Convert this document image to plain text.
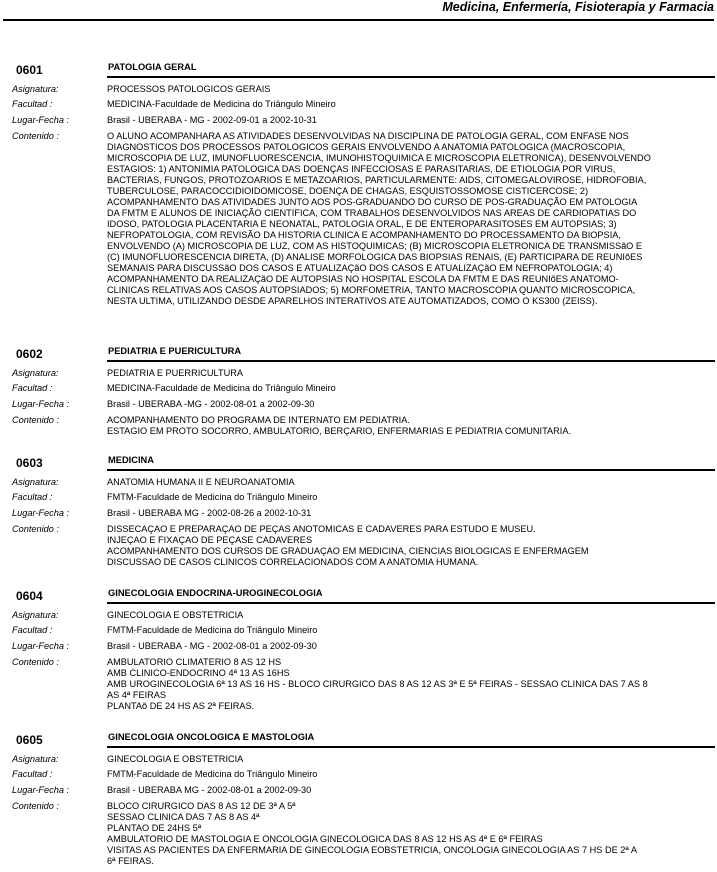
Medicina, Enfermería, Fisioterapia y Farmacia
0601	PATOLOGIA GERAL
Asignatura:	PROCESSOS PATOLOGICOS GERAIS
Facultad :	MEDICINA-Faculdade de Medicina do Triângulo Mineiro
Lugar-Fecha :	Brasil - UBERABA - MG - 2002-09-01 a 2002-10-31
Contenido :	O ALUNO ACOMPANHARA AS ATIVIDADES DESENVOLVIDAS NA DISCIPLINA DE PATOLOGIA GERAL, COM ENFASE NOS
DIAGNOSTICOS DOS PROCESSOS PATOLOGICOS GERAIS ENVOLVENDO A ANATOMIA PATOLOGICA (MACROSCOPIA,
MICROSCOPIA DE LUZ, IMUNOFLUORESCENCIA, IMUNOHISTOQUIMICA E MICROSCOPIA ELETRONICA), DESENVOLVENDO
ESTAGIOS: 1) ANTONIMIA PATOLOGICA DAS DOENÇAS INFECCIOSAS E PARASITARIAS, DE ETIOLOGIA POR VIRUS,
BACTERIAS, FUNGOS, PROTOZOARIOS E METAZOARIOS, PARTICULARMENTE: AIDS, CITOMEGALOVIROSE, HIDROFOBIA,
TUBERCULOSE, PARACOCCIDIOIDOMICOSE, DOENÇA DE CHAGAS, ESQUISTOSSOMOSE CISTICERCOSE; 2)
ACOMPANHAMENTO DAS ATIVIDADES JUNTO AOS POS-GRADUANDO DO CURSO DE POS-GRADUAÇÃO EM PATOLOGIA
DA FMTM E ALUNOS DE INICIAÇÃO CIENTIFICA, COM TRABALHOS DESENVOLVIDOS NAS AREAS DE CARDIOPATIAS DO
IDOSO, PATOLOGIA PLACENTARIA E NEONATAL, PATOLOGIA ORAL, E DE ENTEROPARASITOSES EM AUTOPSIAS; 3)
NEFROPATOLOGIA, COM REVISÃO DA HISTORIA CLINICA E ACOMPANHAMENTO DO PROCESSAMENTO DA BIOPSIA,
ENVOLVENDO (A) MICROSCOPIA DE LUZ, COM AS HISTOQUIMICAS; (B) MICROSCOPIA ELETRONICA DE TRANSMISSãO E
(C) IMUNOFLUORESCENCIA DIRETA, (D) ANALISE MORFOLOGICA DAS BIOPSIAS RENAIS, (E) PARTICIPARA DE REUNIõES
SEMANAIS PARA DISCUSSãO DOS CASOS E ATUALIZAÇãO DOS CASOS E ATUALIZAÇãO EM NEFROPATOLOGIA; 4)
ACOMPANHAMENTO DA REALIZAÇãO DE AUTOPSIAS NO HOSPITAL ESCOLA DA FMTM E DAS REUNIõES ANATOMO-
CLINICAS RELATIVAS AOS CASOS AUTOPSIADOS; 5) MORFOMETRIA, TANTO MACROSCOPIA QUANTO MICROSCOPICA,
NESTA ULTIMA, UTILIZANDO DESDE APARELHOS INTERATIVOS ATE AUTOMATIZADOS, COMO O KS300 (ZEISS).
0602	PEDIATRIA E PUERICULTURA
Asignatura:	PEDIATRIA E PUERRICULTURA
Facultad :	MEDICINA-Faculdade de Medicina do Triângulo Mineiro
Lugar-Fecha :	Brasil - UBERABA -MG - 2002-08-01 a 2002-09-30
Contenido :	ACOMPANHAMENTO DO PROGRAMA DE INTERNATO EM PEDIATRIA.
ESTAGIO EM PROTO SOCORRO, AMBULATORIO, BERÇARIO, ENFERMARIAS E PEDIATRIA COMUNITARIA.
0603	MEDICINA
Asignatura:	ANATOMIA HUMANA II E NEUROANATOMIA
Facultad :	FMTM-Faculdade de Medicina do Triângulo Mineiro
Lugar-Fecha :	Brasil - UBERABA MG - 2002-08-26 a 2002-10-31
Contenido :	DISSECAÇAO E PREPARAÇAO DE PEÇAS ANOTOMICAS E CADAVERES PARA ESTUDO E MUSEU.
INJEÇAO E FIXAÇAO DE PEÇASE CADAVERES
ACOMPANHAMENTO DOS CURSOS DE GRADUAÇAO EM MEDICINA, CIENCIAS BIOLOGICAS E ENFERMAGEM
DISCUSSAO DE CASOS CLINICOS CORRELACIONADOS COM A ANATOMIA HUMANA.
0604	GINECOLOGIA ENDOCRINA-UROGINECOLOGIA
Asignatura:	GINECOLOGIA E OBSTETRICIA
Facultad :	FMTM-Faculdade de Medicina do Triângulo Mineiro
Lugar-Fecha :	Brasil - UBERABA - MG - 2002-08-01 a 2002-09-30
Contenido :	AMBULATORIO CLIMATERIO 8 AS 12 HS
AMB CLINICO-ENDOCRINO 4ª 13 AS 16HS
AMB UROGINECOLOGIA 6ª 13 AS 16 HS - BLOCO CIRURGICO DAS 8 AS 12 AS 3ª E 5ª FEIRAS - SESSAO CLINICA DAS 7 AS 8
AS 4ª FEIRAS
PLANTAõ DE 24 HS AS 2ª FEIRAS.
0605	GINECOLOGIA ONCOLOGICA E MASTOLOGIA
Asignatura:	GINECOLOGIA E OBSTETRICIA
Facultad :	FMTM-Faculdade de Medicina do Triângulo Mineiro
Lugar-Fecha :	Brasil - UBERABA MG - 2002-08-01 a 2002-09-30
Contenido :	BLOCO CIRURGICO DAS 8 AS 12 DE 3ª A 5ª
SESSAO CLINICA DAS 7 AS 8 AS 4ª
PLANTAO DE 24HS 5ª
AMBULATORIO DE MASTOLOGIA E ONCOLOGIA GINECOLOGICA DAS 8 AS 12 HS AS 4ª E 6ª FEIRAS
VISITAS AS PACIENTES DA ENFERMARIA DE GINECOLOGIA EOBSTETRICIA, ONCOLOGIA GINECOLOGIA AS 7 HS DE 2ª A
6ª FEIRAS.
